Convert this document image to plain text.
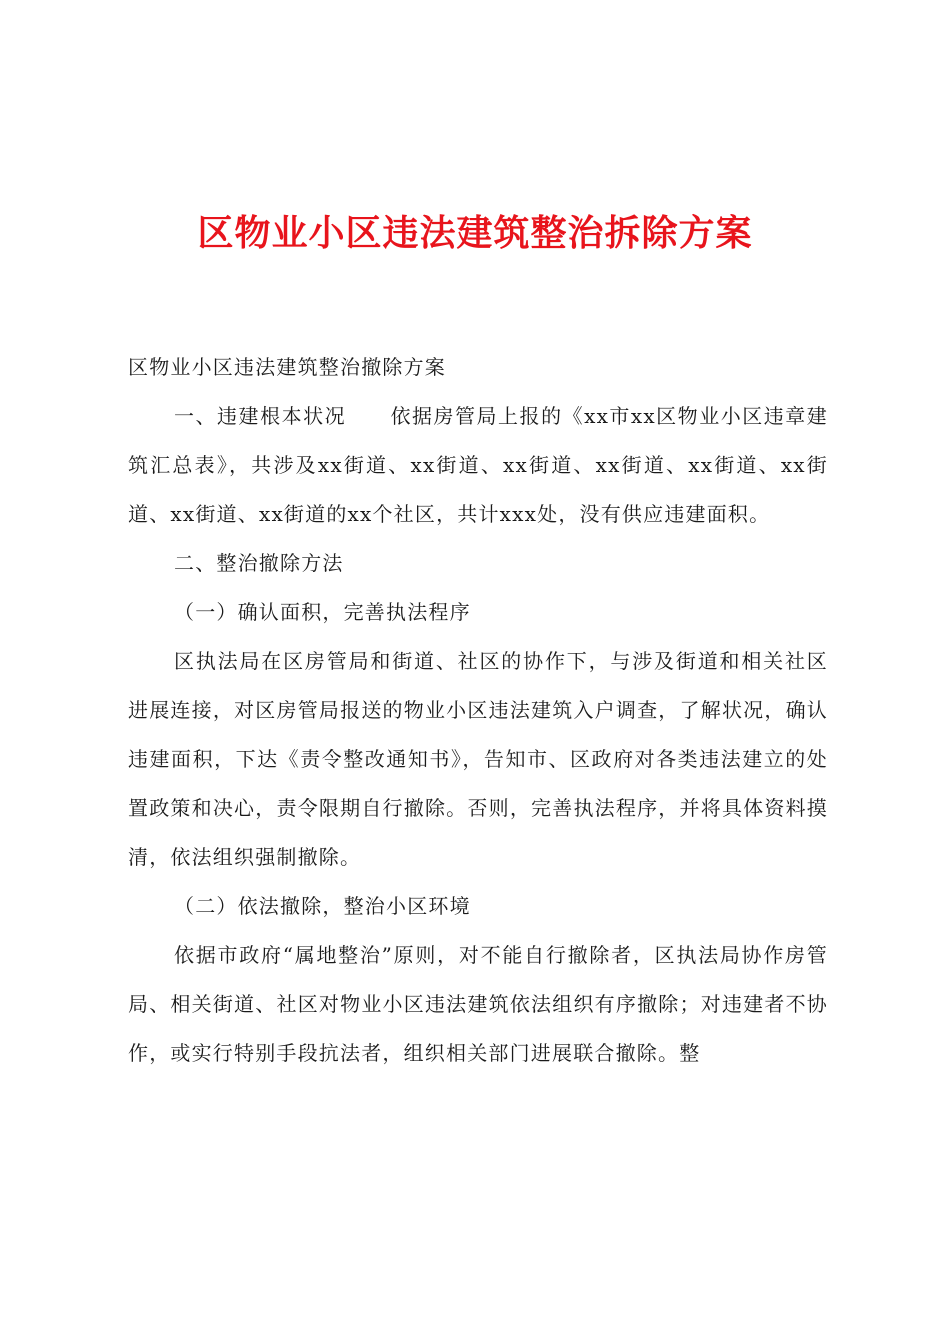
区物业小区违法建筑整治拆除方案

区物业小区违法建筑整治撤除方案

一、违建根本状况 依据房管局上报的《xx市xx区物业小区违章建筑汇总表》，共涉及xx街道、xx街道、xx街道、xx街道、xx街道、xx街道、xx街道、xx街道的xx个社区，共计xxx处，没有供应违建面积。

二、整治撤除方法

（一）确认面积，完善执法程序

区执法局在区房管局和街道、社区的协作下，与涉及街道和相关社区进展连接，对区房管局报送的物业小区违法建筑入户调查，了解状况，确认违建面积，下达《责令整改通知书》，告知市、区政府对各类违法建立的处置政策和决心，责令限期自行撤除。否则，完善执法程序，并将具体资料摸清，依法组织强制撤除。

（二）依法撤除，整治小区环境

依据市政府“属地整治”原则，对不能自行撤除者，区执法局协作房管局、相关街道、社区对物业小区违法建筑依法组织有序撤除；对违建者不协作，或实行特别手段抗法者，组织相关部门进展联合撤除。整
